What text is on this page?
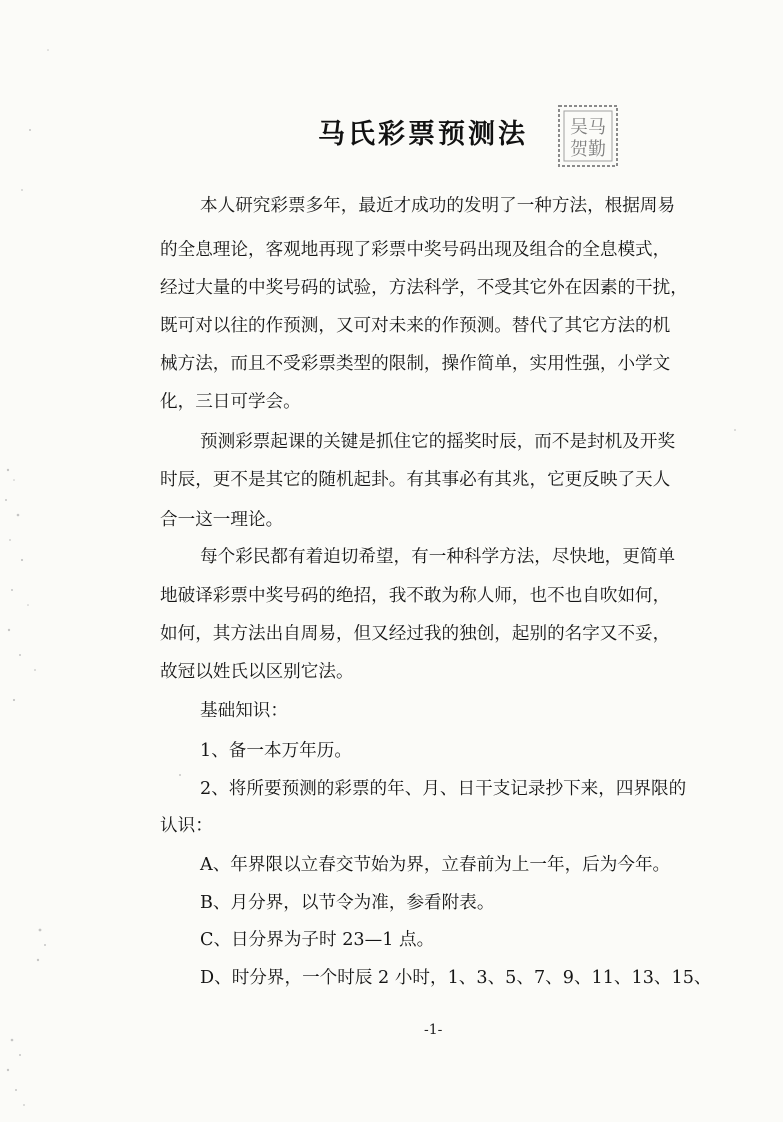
马氏彩票预测法	吴马
贺勤
本人研究彩票多年，最近才成功的发明了一种方法，根据周易
的全息理论，客观地再现了彩票中奖号码出现及组合的全息模式，
经过大量的中奖号码的试验，方法科学，不受其它外在因素的干扰，
既可对以往的作预测，又可对未来的作预测。替代了其它方法的机
械方法，而且不受彩票类型的限制，操作简单，实用性强，小学文
化，三日可学会。
预测彩票起课的关键是抓住它的摇奖时辰，而不是封机及开奖
时辰，更不是其它的随机起卦。有其事必有其兆，它更反映了天人
合一这一理论。
每个彩民都有着迫切希望，有一种科学方法，尽快地，更简单
地破译彩票中奖号码的绝招，我不敢为称人师，也不也自吹如何，
如何，其方法出自周易，但又经过我的独创，起别的名字又不妥，
故冠以姓氏以区别它法。
基础知识：
1、备一本万年历。
2、将所要预测的彩票的年、月、日干支记录抄下来，四界限的
认识：
A、年界限以立春交节始为界，立春前为上一年，后为今年。
B、月分界，以节令为准，参看附表。
C、日分界为子时 23—1 点。
D、时分界，一个时辰 2 小时，1、3、5、7、9、11、13、15、
-1-
